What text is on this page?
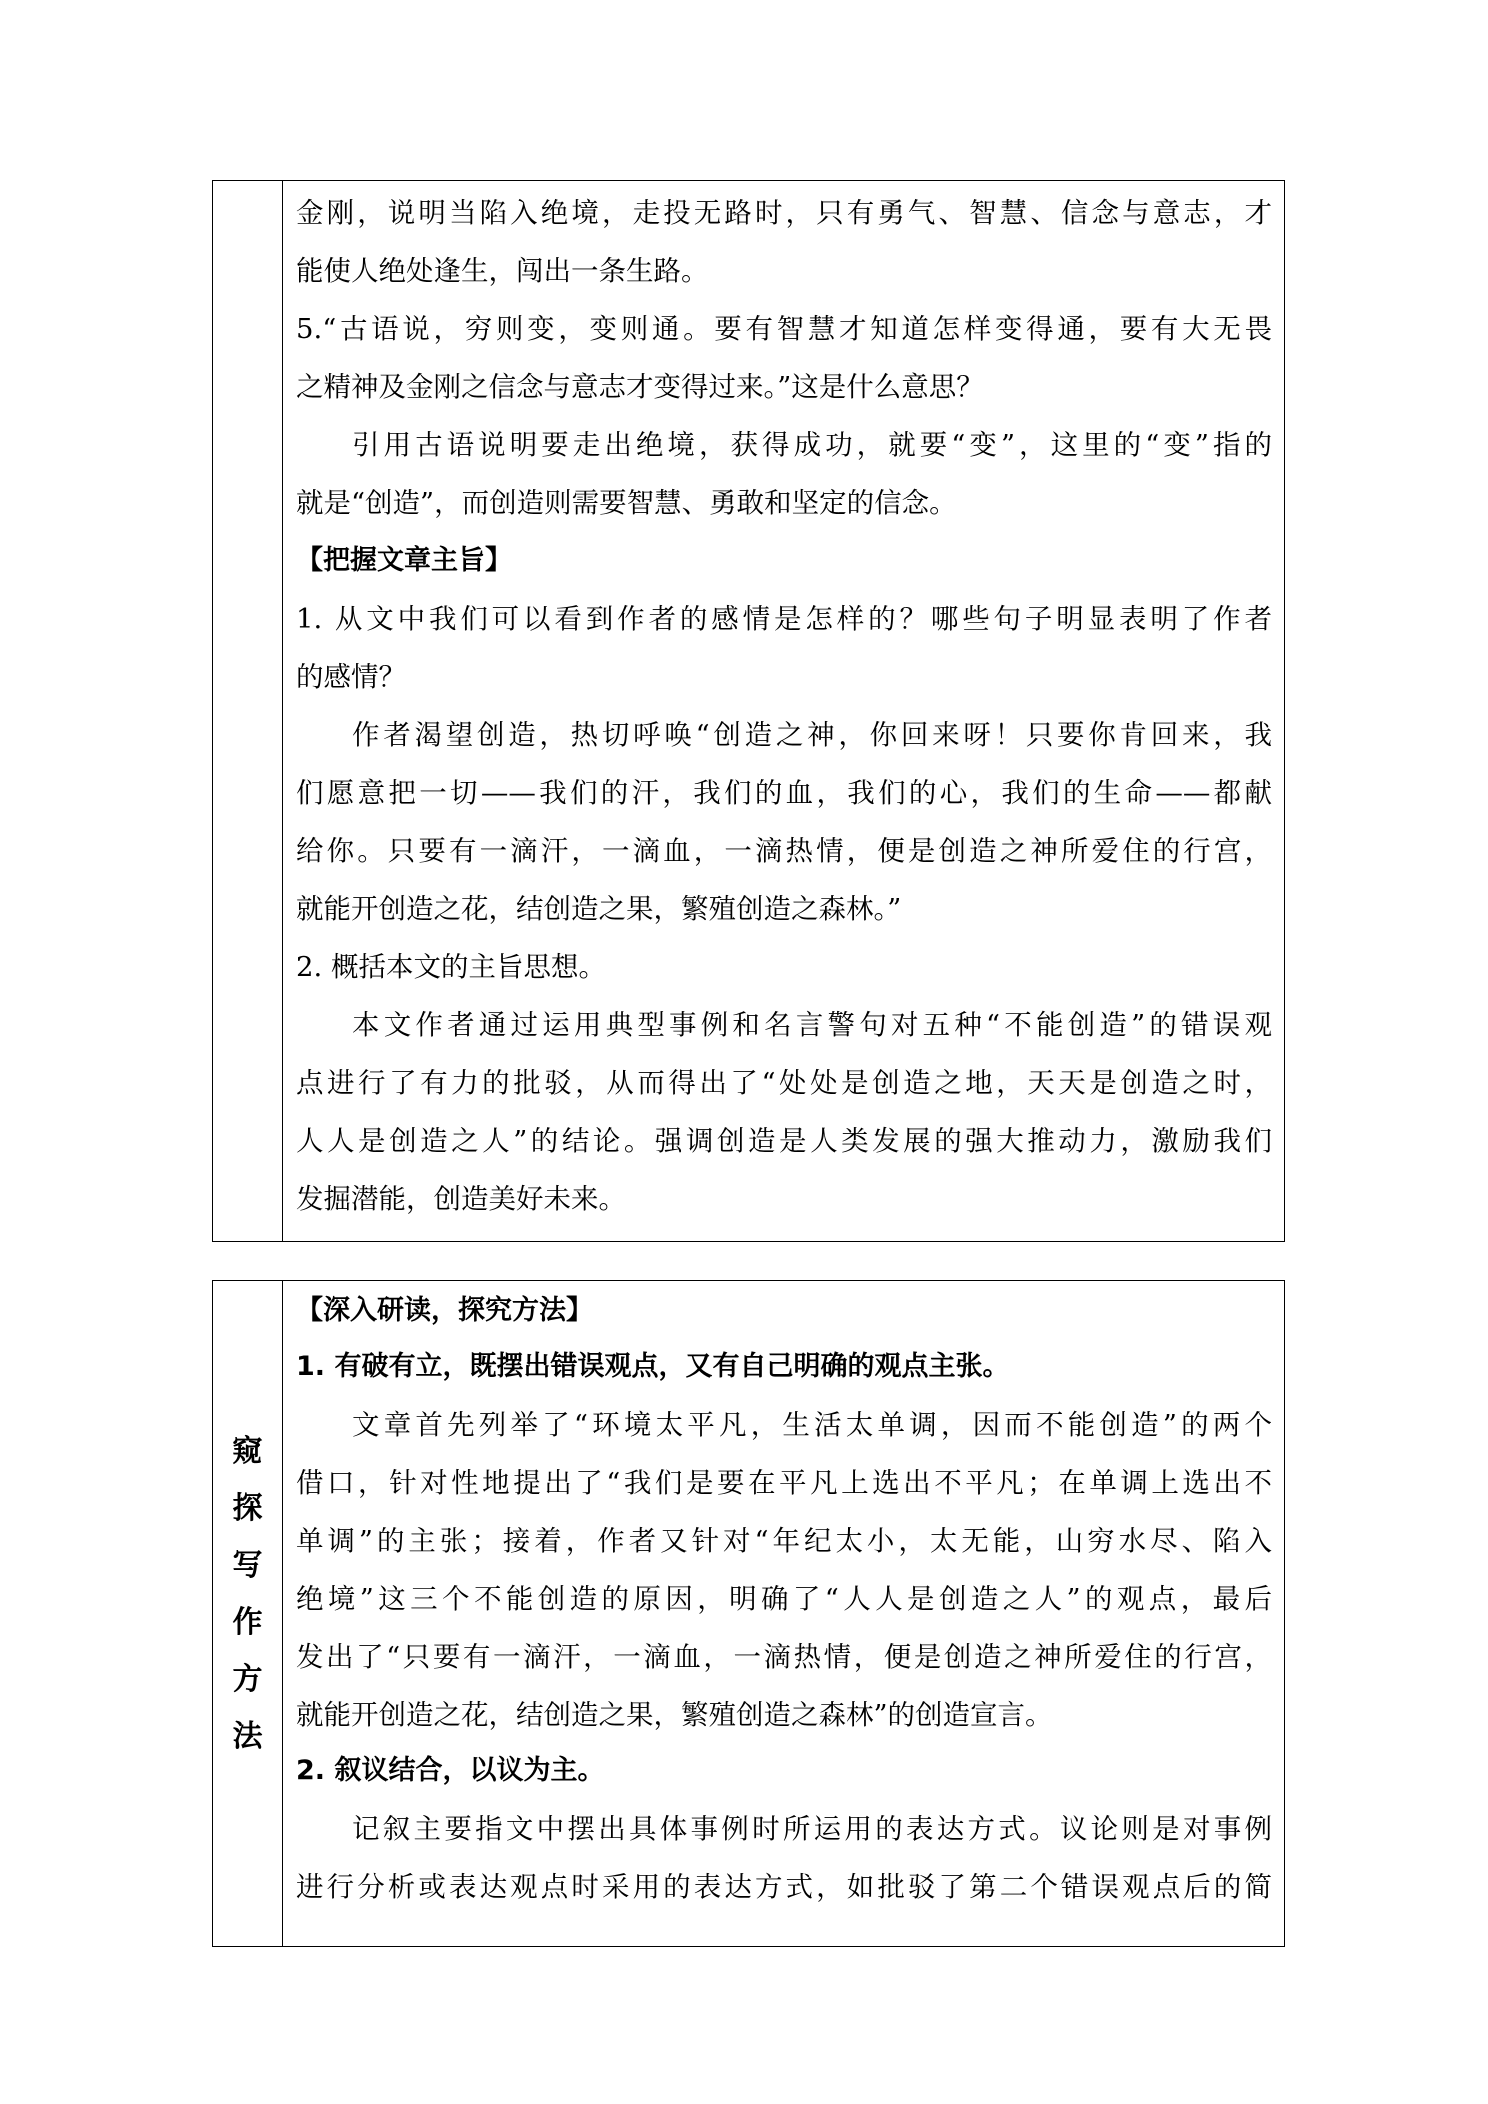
金刚，说明当陷入绝境，走投无路时，只有勇气、智慧、信念与意志，才
能使人绝处逢生，闯出一条生路。
5.“古语说，穷则变，变则通。要有智慧才知道怎样变得通，要有大无畏
之精神及金刚之信念与意志才变得过来。”这是什么意思？
引用古语说明要走出绝境，获得成功，就要“变”，这里的“变”指的
就是“创造”，而创造则需要智慧、勇敢和坚定的信念。
【把握文章主旨】
1. 从文中我们可以看到作者的感情是怎样的？哪些句子明显表明了作者
的感情？
作者渴望创造，热切呼唤“创造之神，你回来呀！只要你肯回来，我
们愿意把一切——我们的汗，我们的血，我们的心，我们的生命——都献
给你。只要有一滴汗，一滴血，一滴热情，便是创造之神所爱住的行宫，
就能开创造之花，结创造之果，繁殖创造之森林。”
2. 概括本文的主旨思想。
本文作者通过运用典型事例和名言警句对五种“不能创造”的错误观
点进行了有力的批驳，从而得出了“处处是创造之地，天天是创造之时，
人人是创造之人”的结论。强调创造是人类发展的强大推动力，激励我们
发掘潜能，创造美好未来。
窥
探
写
作
方
法
【深入研读，探究方法】
1. 有破有立，既摆出错误观点，又有自己明确的观点主张。
文章首先列举了“环境太平凡，生活太单调，因而不能创造”的两个
借口，针对性地提出了“我们是要在平凡上选出不平凡；在单调上选出不
单调”的主张；接着，作者又针对“年纪太小，太无能，山穷水尽、陷入
绝境”这三个不能创造的原因，明确了“人人是创造之人”的观点，最后
发出了“只要有一滴汗，一滴血，一滴热情，便是创造之神所爱住的行宫，
就能开创造之花，结创造之果，繁殖创造之森林”的创造宣言。
2. 叙议结合，以议为主。
记叙主要指文中摆出具体事例时所运用的表达方式。议论则是对事例
进行分析或表达观点时采用的表达方式，如批驳了第二个错误观点后的简
